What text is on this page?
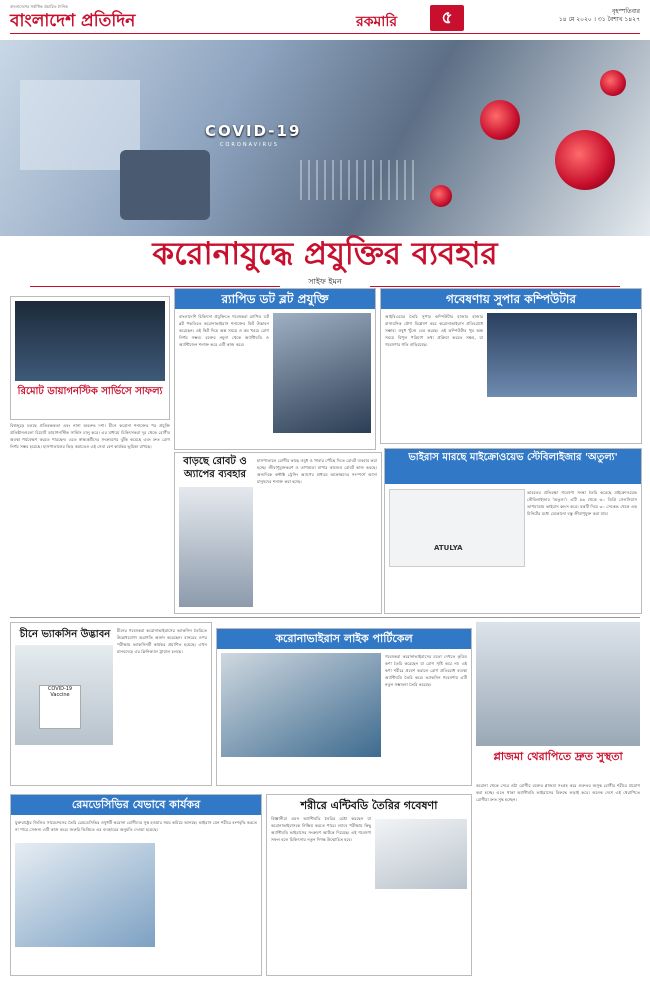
বাংলাদেশ প্রতিদিন
বাংলাদেশের সর্বাধিক প্রচারিত দৈনিক
রকমারি	৫	বৃহস্পতিবার
১৪ মে ২০২০ । ৩১ বৈশাখ ১৪২৭
COVID-19
CORONAVIRUS
করোনাযুদ্ধে প্রযুক্তির ব্যবহার
সাইফ ইমন
রিমোট ডায়াগনস্টিক সার্ভিসে সাফল্য
বিশ্বজুড়ে চলছে প্রতিবন্ধকতা এবং নানা অবরুদ্ধ দশা। চীনে করোনা শনাক্তের পর প্রযুক্তি প্রতিষ্ঠানগুলো রিমোট ডায়াগনস্টিক সার্ভিস চালু করে। এর মাধ্যমে চিকিৎসকরা দূর থেকে রোগীর অবস্থা পর্যবেক্ষণ করতে পারছেন। এতে স্বাস্থ্যকর্মীদের সংক্রমণের ঝুঁকি কমেছে এবং দ্রুত রোগ নির্ণয় সম্ভব হয়েছে। হাসপাতালের ভিড় কমাতেও এই সেবা বেশ কার্যকর ভূমিকা রাখছে।
র‍্যাপিড ডট ব্লট প্রযুক্তি
বাংলাদেশি চিকিৎসা প্রযুক্তিতে গবেষকরা র‍্যাপিড ডট ব্লট পদ্ধতিতে করোনাভাইরাস শনাক্তের কিট উদ্ভাবন করেছেন। এই কিট দিয়ে অল্প সময়ে ও কম খরচে রোগ নির্ণয় সম্ভব। রক্তের নমুনা থেকে অ্যান্টিবডি ও অ্যান্টিজেন শনাক্ত করে এটি কাজ করে।
গবেষণায় সুপার কম্পিউটার
আইবিএমের তৈরি সুপার কম্পিউটার হাজার হাজার রাসায়নিক যৌগ বিশ্লেষণ করে করোনাভাইরাস প্রতিরোধে সম্ভাব্য ওষুধ খুঁজে বের করছে। এই কম্পিউটার খুব অল্প সময়ে বিপুল পরিমাণ তথ্য প্রক্রিয়া করতে সক্ষম, যা গবেষণার গতি বাড়িয়েছে।
বাড়ছে রোবট ও অ্যাপের ব্যবহার
হাসপাতালে রোগীর কাছে ওষুধ ও খাবার পৌঁছে দিতে রোবট ব্যবহার করা হচ্ছে। জীবাণুমুক্তকরণ ও তাপমাত্রা মাপার কাজেও রোবট কাজ করছে। অন্যদিকে কন্টাক্ট ট্রেসিং অ্যাপের মাধ্যমে আক্রান্তদের সংস্পর্শে আসা মানুষদের শনাক্ত করা হচ্ছে।
ভাইরাস মারছে মাইক্রোওয়েভ স্টেবিলাইজার 'অতুল্য'
ATULYA
ভারতের প্রতিরক্ষা গবেষণা সংস্থা তৈরি করেছে মাইক্রোওয়েভ স্টেবিলাইজার 'অতুল্য'। এটি ৫৬ থেকে ৬০ ডিগ্রি সেলসিয়াস তাপমাত্রায় ভাইরাস ধ্বংস করে। যন্ত্রটি দিয়ে ৩০ সেকেন্ড থেকে এক মিনিটের মধ্যে যেকোনো বস্তু জীবাণুমুক্ত করা যায়।
চীনে ভ্যাকসিন উদ্ভাবন
COVID-19 Vaccine
চীনের গবেষকরা করোনাভাইরাসের ভ্যাকসিন তৈরিতে উল্লেখযোগ্য অগ্রগতি অর্জন করেছেন। বানরের ওপর পরীক্ষায় ভ্যাকসিনটি কার্যকর প্রমাণিত হয়েছে। এখন মানবদেহে এর ক্লিনিক্যাল ট্রায়াল চলছে।
করোনাভাইরাস লাইক পার্টিকেল
গবেষকরা করোনাভাইরাসের মতো দেখতে কৃত্রিম কণা তৈরি করেছেন যা রোগ সৃষ্টি করে না। এই কণা শরীরে প্রবেশ করালে রোগ প্রতিরোধ ব্যবস্থা অ্যান্টিবডি তৈরি করে। ভ্যাকসিন গবেষণায় এটি নতুন সম্ভাবনা তৈরি করেছে।
প্লাজমা থেরাপিতে দ্রুত সুস্থতা
করোনা থেকে সেরে ওঠা রোগীর রক্তের প্লাজমা সংগ্রহ করে গুরুতর অসুস্থ রোগীর শরীরে প্রয়োগ করা হচ্ছে। এতে থাকা অ্যান্টিবডি ভাইরাসের বিরুদ্ধে লড়াই করে। অনেক দেশে এই থেরাপিতে রোগীরা দ্রুত সুস্থ হচ্ছেন।
রেমডেসিভির যেভাবে কার্যকর
যুক্তরাষ্ট্রের জিলিড সায়েন্সেসের তৈরি রেমডেসিভির ওষুধটি করোনা রোগীদের সুস্থ হওয়ার সময় কমিয়ে আনছে। ভাইরাস যেন শরীরে বংশবৃদ্ধি করতে না পারে সেজন্য এটি কাজ করে। জরুরি ভিত্তিতে এর ব্যবহারের অনুমতি দেওয়া হয়েছে।
শরীরে এন্টিবডি তৈরির গবেষণা
বিজ্ঞানীরা এমন অ্যান্টিবডি তৈরির চেষ্টা করছেন যা করোনাভাইরাসকে নিষ্ক্রিয় করতে পারে। ল্যাবে পরীক্ষায় কিছু অ্যান্টিবডি ভাইরাসের সংক্রমণ আটকে দিয়েছে। এই গবেষণা সফল হলে চিকিৎসায় নতুন দিগন্ত উন্মোচিত হবে।
